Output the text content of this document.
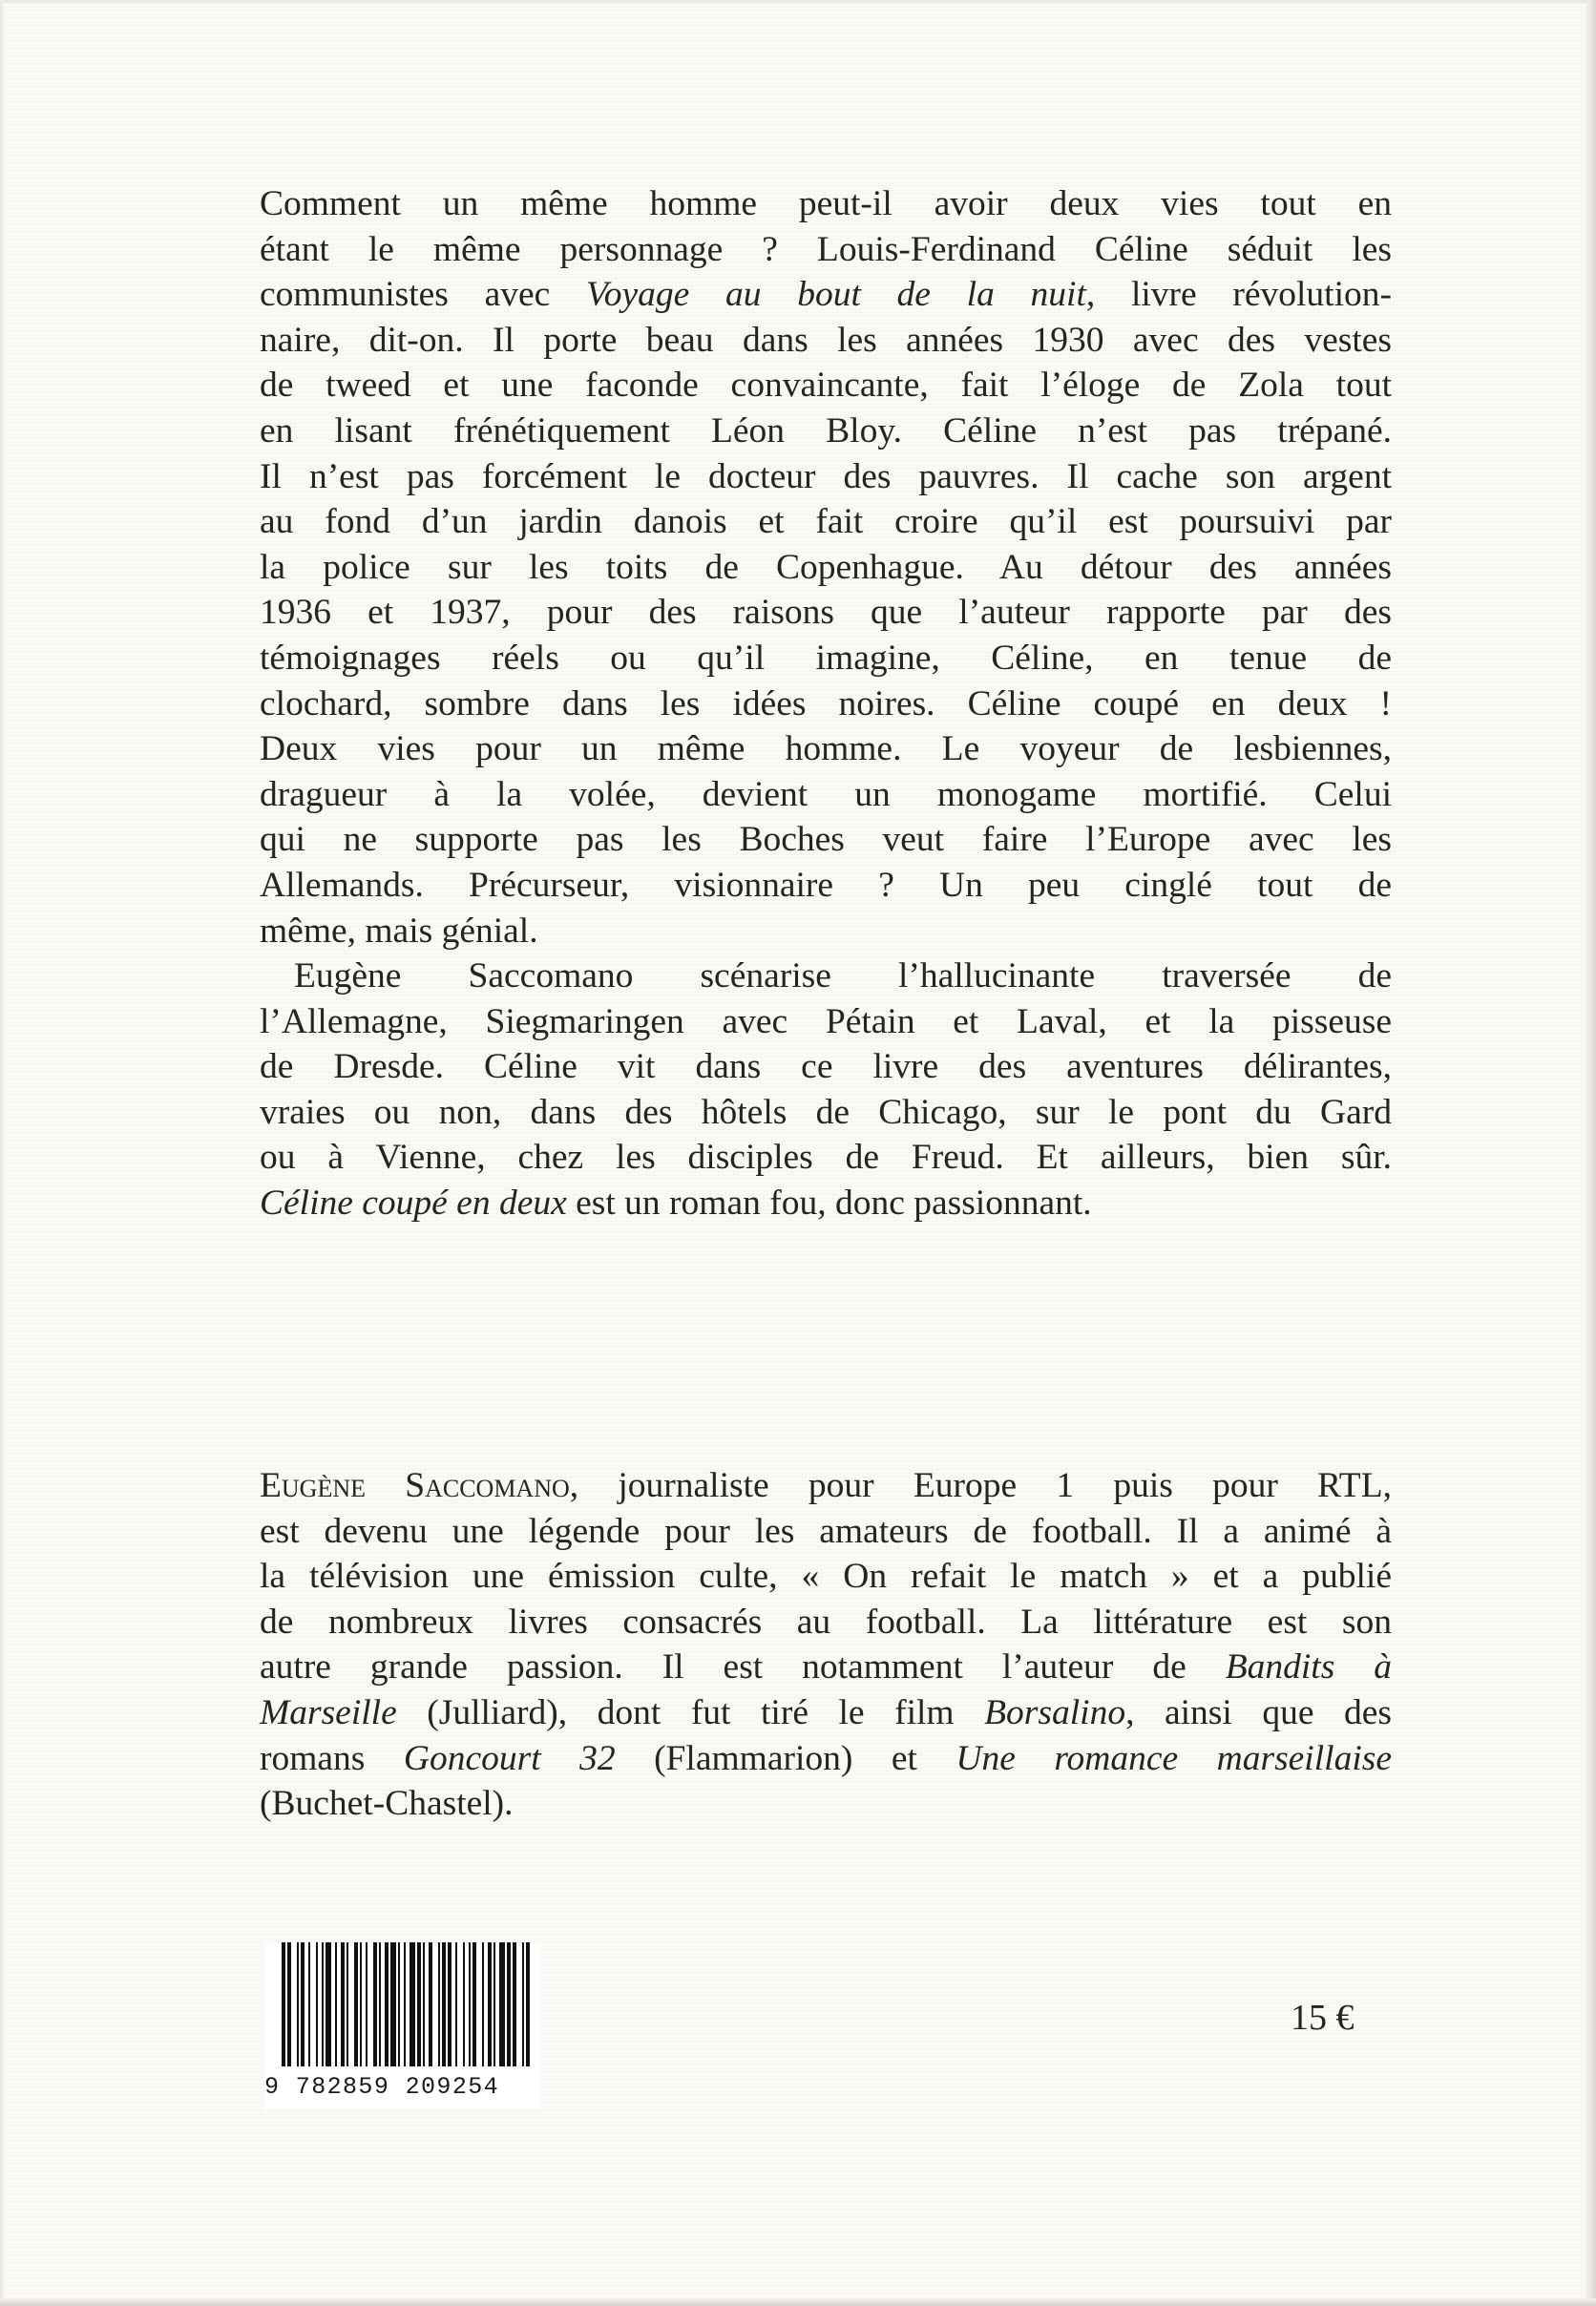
Comment un même homme peut-il avoir deux vies tout en

étant le même personnage ? Louis-Ferdinand Céline séduit les

communistes avec Voyage au bout de la nuit, livre révolution-

naire, dit-on. Il porte beau dans les années 1930 avec des vestes

de tweed et une faconde convaincante, fait l’éloge de Zola tout

en lisant frénétiquement Léon Bloy. Céline n’est pas trépané.

Il n’est pas forcément le docteur des pauvres. Il cache son argent

au fond d’un jardin danois et fait croire qu’il est poursuivi par

la police sur les toits de Copenhague. Au détour des années

1936 et 1937, pour des raisons que l’auteur rapporte par des

témoignages réels ou qu’il imagine, Céline, en tenue de

clochard, sombre dans les idées noires. Céline coupé en deux !

Deux vies pour un même homme. Le voyeur de lesbiennes,

dragueur à la volée, devient un monogame mortifié. Celui

qui ne supporte pas les Boches veut faire l’Europe avec les

Allemands. Précurseur, visionnaire ? Un peu cinglé tout de

même, mais génial.

Eugène Saccomano scénarise l’hallucinante traversée de

l’Allemagne, Siegmaringen avec Pétain et Laval, et la pisseuse

de Dresde. Céline vit dans ce livre des aventures délirantes,

vraies ou non, dans des hôtels de Chicago, sur le pont du Gard

ou à Vienne, chez les disciples de Freud. Et ailleurs, bien sûr.

Céline coupé en deux est un roman fou, donc passionnant.

Eugène Saccomano, journaliste pour Europe 1 puis pour RTL,

est devenu une légende pour les amateurs de football. Il a animé à

la télévision une émission culte, « On refait le match » et a publié

de nombreux livres consacrés au football. La littérature est son

autre grande passion. Il est notamment l’auteur de Bandits à

Marseille (Julliard), dont fut tiré le film Borsalino, ainsi que des

romans Goncourt 32 (Flammarion) et Une romance marseillaise

(Buchet-Chastel).

9 782859 209254
15 €
